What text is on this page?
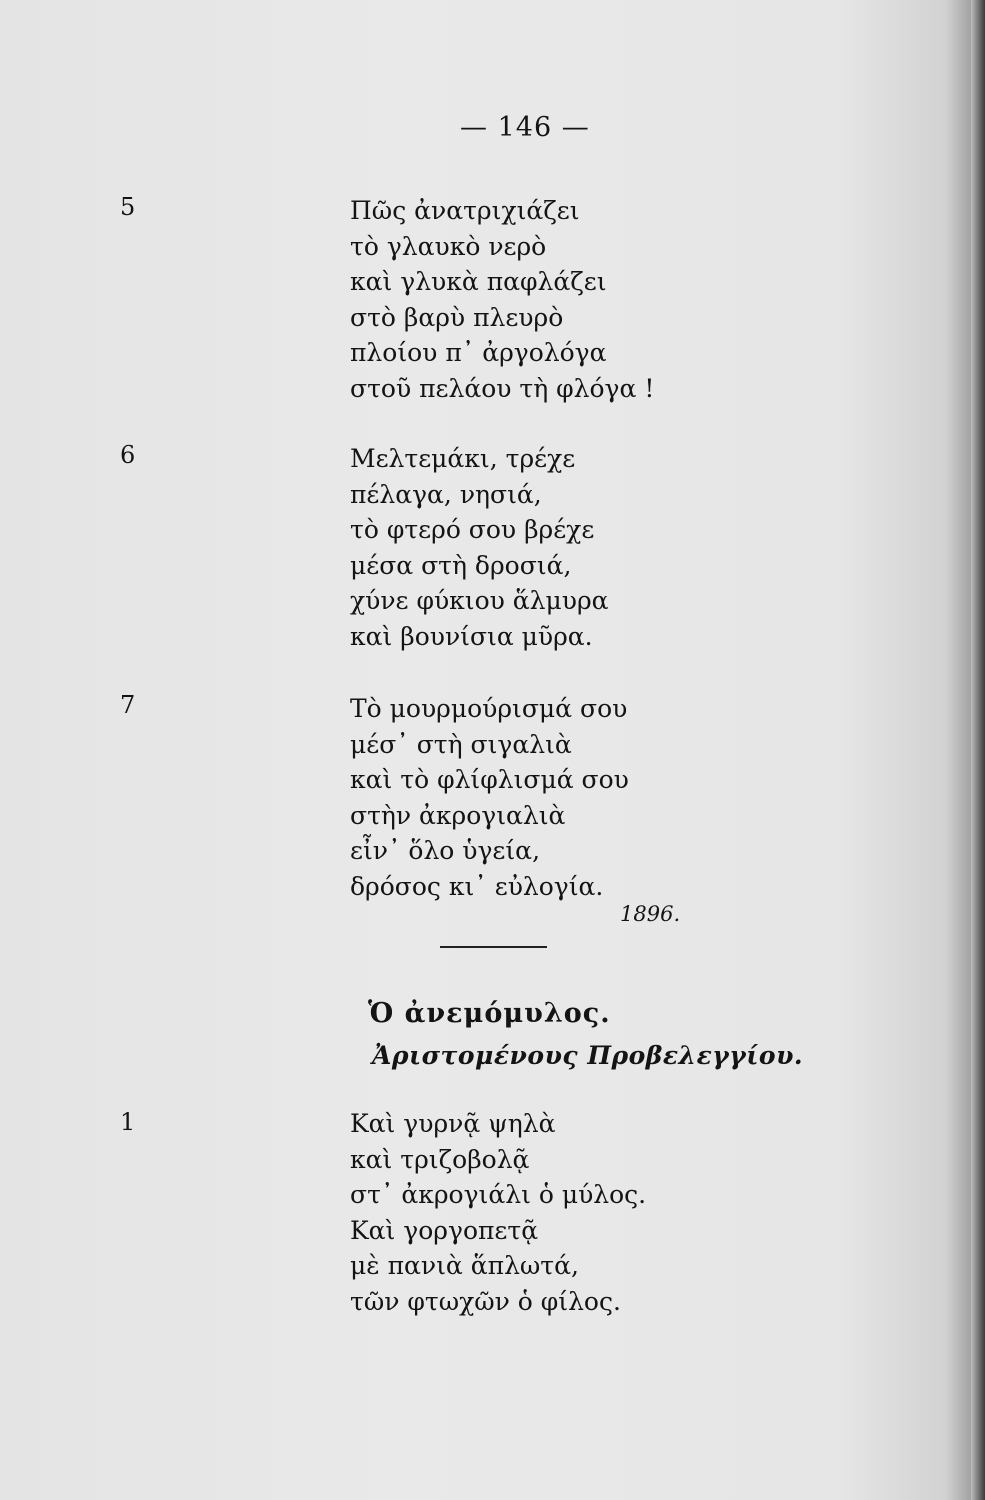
— 146 —
5	Πῶς ἀνατριχιάζει
τὸ γλαυκὸ νερὸ
καὶ γλυκὰ παφλάζει
στὸ βαρὺ πλευρὸ
πλοίου π᾽ ἀργολόγα
στοῦ πελάου τὴ φλόγα !
6	Μελτεμάκι, τρέχε
πέλαγα, νησιά,
τὸ φτερό σου βρέχε
μέσα στὴ δροσιά,
χύνε φύκιου ἅλμυρα
καὶ βουνίσια μῦρα.
7	Τὸ μουρμούρισμά σου
μέσ᾽ στὴ σιγαλιὰ
καὶ τὸ φλίφλισμά σου
στὴν ἀκρογιαλιὰ
εἶν᾽ ὅλο ὑγεία,
δρόσος κι᾽ εὐλογία.
1896.
Ὁ ἀνεμόμυλος.
Ἀριστομένους Προβελεγγίου.
1	Καὶ γυρνᾷ ψηλὰ
καὶ τριζοβολᾷ
στ᾽ ἀκρογιάλι ὁ μύλος.
Καὶ γοργοπετᾷ
μὲ πανιὰ ἅπλωτά,
τῶν φτωχῶν ὁ φίλος.
